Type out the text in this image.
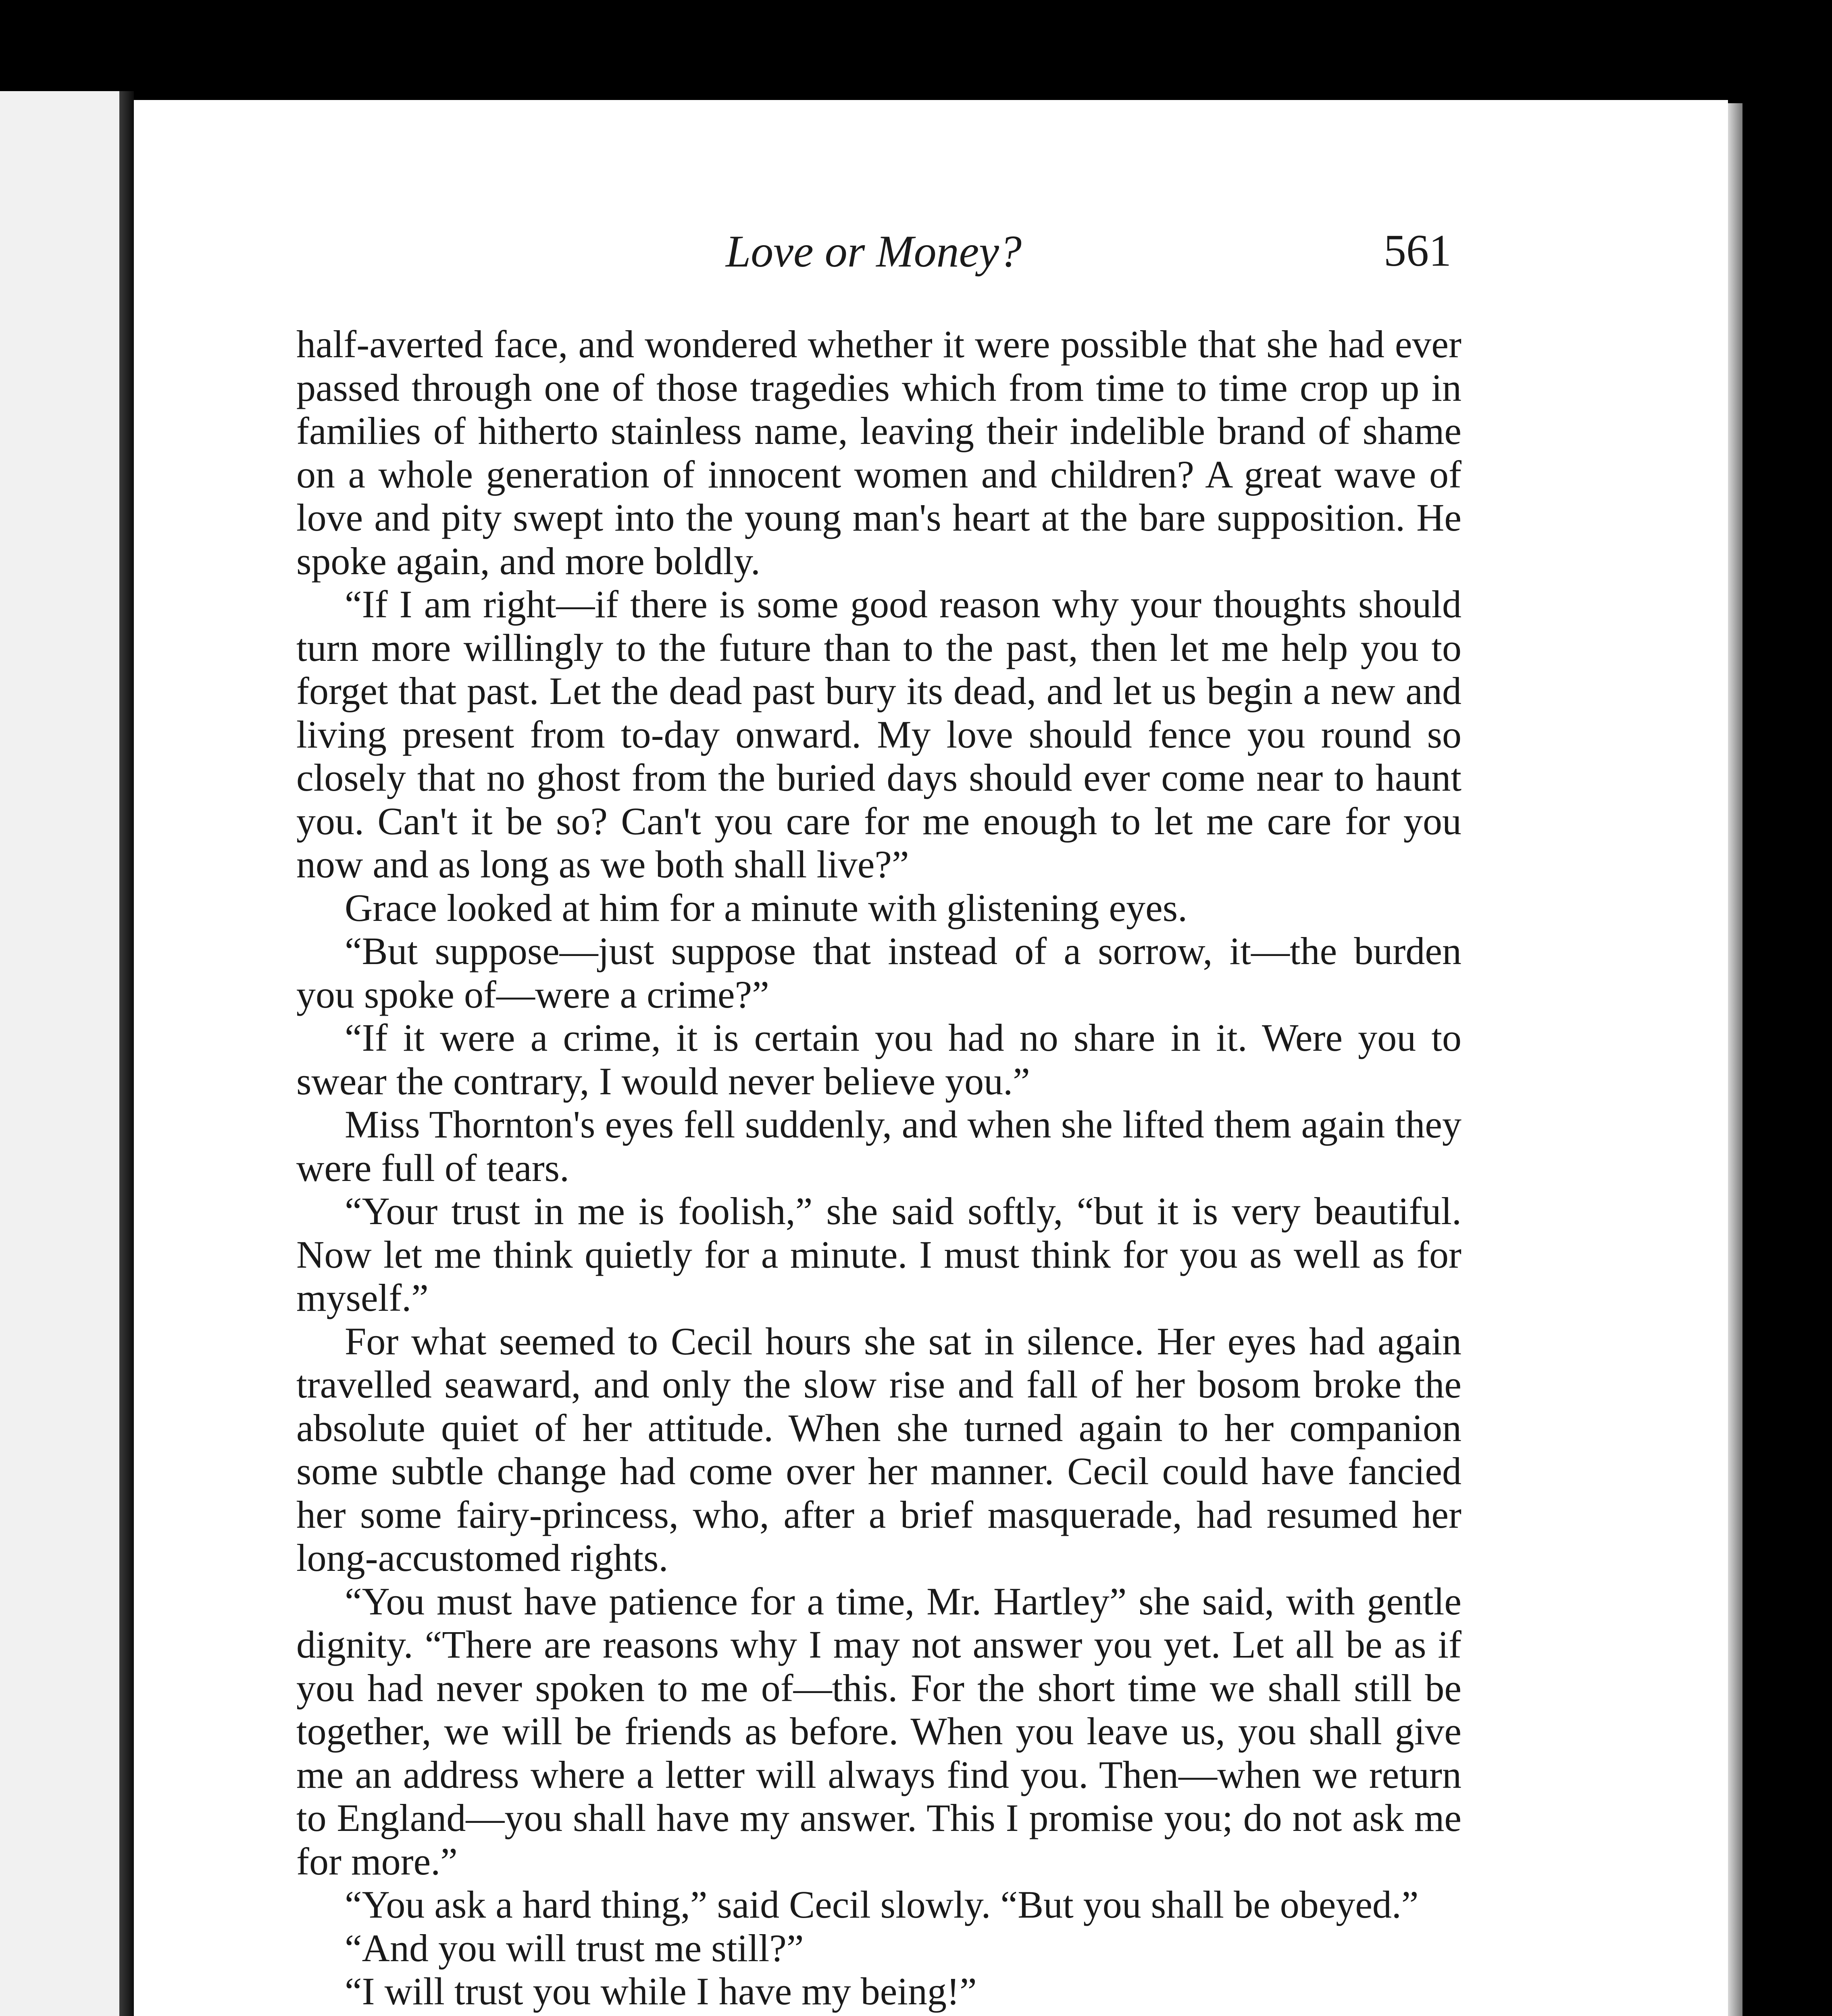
Love or Money?	561

half-averted face, and wondered whether it were possible that she had ever passed through one of those tragedies which from time to time crop up in families of hitherto stainless name, leaving their indelible brand of shame on a whole generation of innocent women and children? A great wave of love and pity swept into the young man's heart at the bare supposition. He spoke again, and more boldly.

“If I am right—if there is some good reason why your thoughts should turn more willingly to the future than to the past, then let me help you to forget that past. Let the dead past bury its dead, and let us begin a new and living present from to-day onward. My love should fence you round so closely that no ghost from the buried days should ever come near to haunt you. Can't it be so? Can't you care for me enough to let me care for you now and as long as we both shall live?”

Grace looked at him for a minute with glistening eyes.

“But suppose—just suppose that instead of a sorrow, it—the burden you spoke of—were a crime?”

“If it were a crime, it is certain you had no share in it. Were you to swear the contrary, I would never believe you.”

Miss Thornton's eyes fell suddenly, and when she lifted them again they were full of tears.

“Your trust in me is foolish,” she said softly, “but it is very beautiful. Now let me think quietly for a minute. I must think for you as well as for myself.”

For what seemed to Cecil hours she sat in silence. Her eyes had again travelled seaward, and only the slow rise and fall of her bosom broke the absolute quiet of her attitude. When she turned again to her companion some subtle change had come over her manner. Cecil could have fancied her some fairy-princess, who, after a brief masquerade, had resumed her long-accustomed rights.

“You must have patience for a time, Mr. Hartley” she said, with gentle dignity. “There are reasons why I may not answer you yet. Let all be as if you had never spoken to me of—this. For the short time we shall still be together, we will be friends as before. When you leave us, you shall give me an address where a letter will always find you. Then—when we return to England—you shall have my answer. This I promise you; do not ask me for more.”

“You ask a hard thing,” said Cecil slowly. “But you shall be obeyed.”

“And you will trust me still?”

“I will trust you while I have my being!”
